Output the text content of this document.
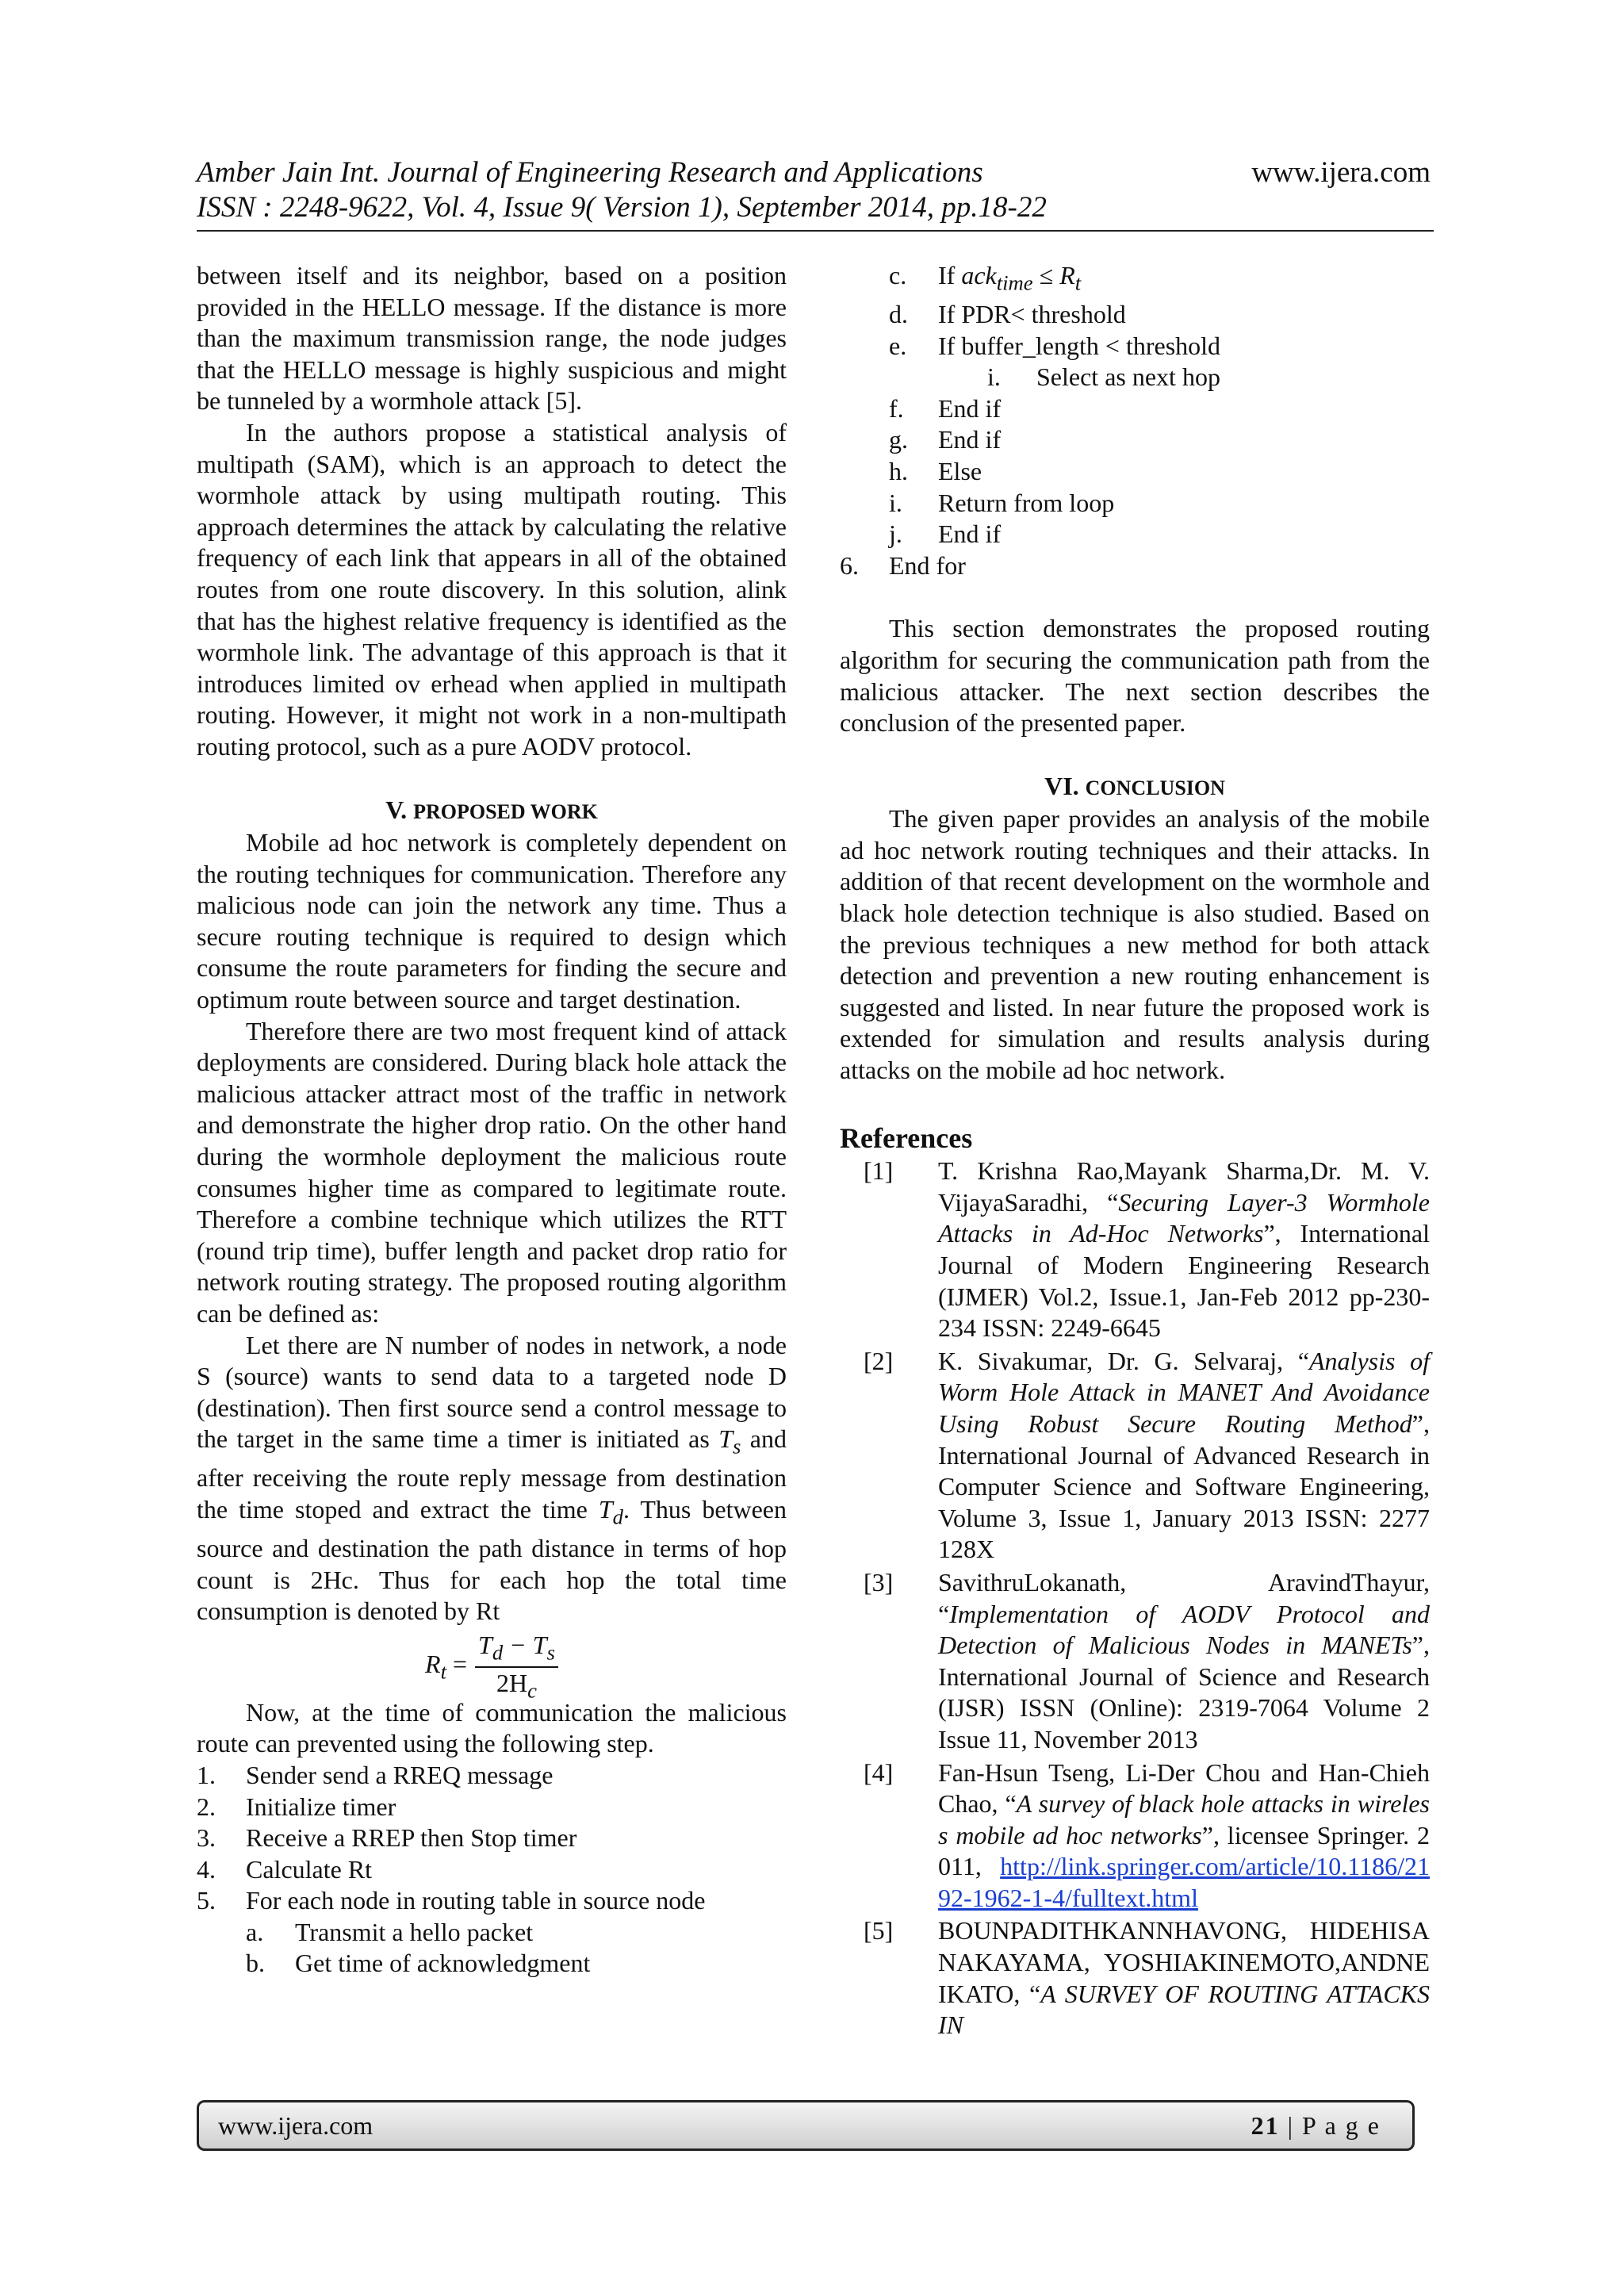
Amber Jain Int. Journal of Engineering Research and Applications	www.ijera.com
ISSN : 2248-9622, Vol. 4, Issue 9( Version 1), September 2014, pp.18-22

between itself and its neighbor, based on a position provided in the HELLO message. If the distance is more than the maximum transmission range, the node judges that the HELLO message is highly suspicious and might be tunneled by a wormhole attack [5].

In the authors propose a statistical analysis of multipath (SAM), which is an approach to detect the wormhole attack by using multipath routing. This approach determines the attack by calculating the relative frequency of each link that appears in all of the obtained routes from one route discovery. In this solution, alink that has the highest relative frequency is identified as the wormhole link. The advantage of this approach is that it introduces limited ov erhead when applied in multipath routing. However, it might not work in a non-multipath routing protocol, such as a pure AODV protocol.

V. PROPOSED WORK

Mobile ad hoc network is completely dependent on the routing techniques for communication. Therefore any malicious node can join the network any time. Thus a secure routing technique is required to design which consume the route parameters for finding the secure and optimum route between source and target destination.

Therefore there are two most frequent kind of attack deployments are considered. During black hole attack the malicious attacker attract most of the traffic in network and demonstrate the higher drop ratio. On the other hand during the wormhole deployment the malicious route consumes higher time as compared to legitimate route. Therefore a combine technique which utilizes the RTT (round trip time), buffer length and packet drop ratio for network routing strategy. The proposed routing algorithm can be defined as:

Let there are N number of nodes in network, a node S (source) wants to send data to a targeted node D (destination). Then first source send a control message to the target in the same time a timer is initiated as $T_s$ and after receiving the route reply message from destination the time stoped and extract the time $T_d$. Thus between source and destination the path distance in terms of hop count is 2Hc. Thus for each hop the total time consumption is denoted by Rt

$R_t = \frac{T_d - T_s}{2H_c}$

Now, at the time of communication the malicious route can prevented using the following step.

1.	Sender send a RREQ message
2.	Initialize timer
3.	Receive a RREP then Stop timer
4.	Calculate Rt
5.	For each node in routing table in source node
a.	Transmit a hello packet
b.	Get time of acknowledgment
c.	If $ack_{time} \le R_t$
d.	If PDR< threshold
e.	If buffer_length < threshold
i.	Select as next hop
f.	End if
g.	End if
h.	Else
i.	Return from loop
j.	End if
6.	End for

This section demonstrates the proposed routing algorithm for securing the communication path from the malicious attacker. The next section describes the conclusion of the presented paper.

VI. CONCLUSION

The given paper provides an analysis of the mobile ad hoc network routing techniques and their attacks. In addition of that recent development on the wormhole and black hole detection technique is also studied. Based on the previous techniques a new method for both attack detection and prevention a new routing enhancement is suggested and listed. In near future the proposed work is extended for simulation and results analysis during attacks on the mobile ad hoc network.

References
[1]	T. Krishna Rao,Mayank Sharma,Dr. M. V. VijayaSaradhi, “Securing Layer-3 Wormhole Attacks in Ad-Hoc Networks”, International Journal of Modern Engineering Research (IJMER) Vol.2, Issue.1, Jan-Feb 2012 pp-230-234 ISSN: 2249-6645
[2]	K. Sivakumar, Dr. G. Selvaraj, “Analysis of Worm Hole Attack in MANET And Avoidance Using Robust Secure Routing Method”, International Journal of Advanced Research in Computer Science and Software Engineering, Volume 3, Issue 1, January 2013 ISSN: 2277 128X
[3]	SavithruLokanath, AravindThayur, “Implementation of AODV Protocol and Detection of Malicious Nodes in MANETs”, International Journal of Science and Research (IJSR) ISSN (Online): 2319-7064 Volume 2 Issue 11, November 2013
[4]	Fan-Hsun Tseng, Li-Der Chou and Han-Chieh Chao, “A survey of black hole attacks in wireless mobile ad hoc networks”, licensee Springer. 2011, http://link.springer.com/article/10.1186/2192-1962-1-4/fulltext.html
[5]	BOUNPADITHKANNHAVONG, HIDEHISANAKAYAMA, YOSHIAKINEMOTO,ANDNEIKATO, “A SURVEY OF ROUTING ATTACKS IN
www.ijera.com	21 | P a g e
